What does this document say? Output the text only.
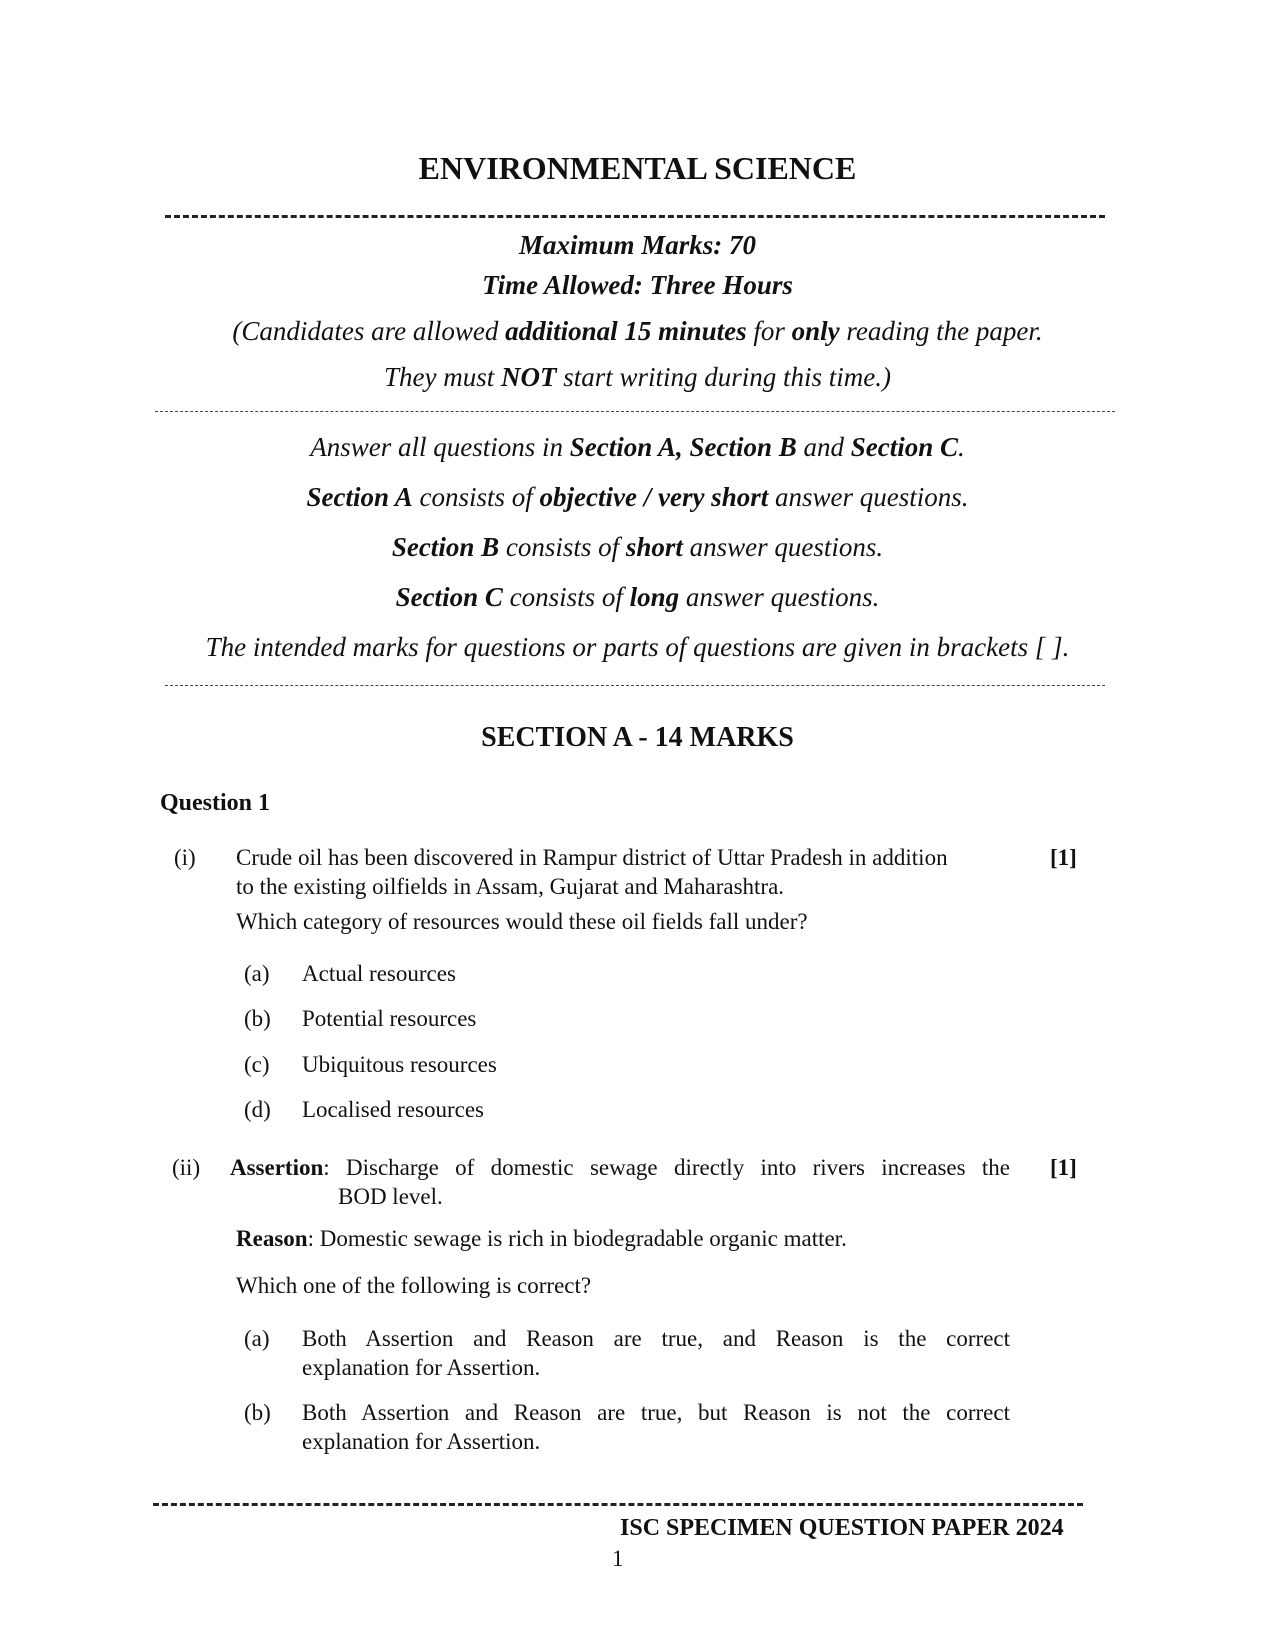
ENVIRONMENTAL SCIENCE
Maximum Marks: 70
Time Allowed: Three Hours
(Candidates are allowed additional 15 minutes for only reading the paper.
They must NOT start writing during this time.)
Answer all questions in Section A, Section B and Section C.
Section A consists of objective / very short answer questions.
Section B consists of short answer questions.
Section C consists of long answer questions.
The intended marks for questions or parts of questions are given in brackets [ ].
SECTION A - 14 MARKS
Question 1
(i) Crude oil has been discovered in Rampur district of Uttar Pradesh in addition	[1]
to the existing oilfields in Assam, Gujarat and Maharashtra.
Which category of resources would these oil fields fall under?
(a) Actual resources
(b) Potential resources
(c) Ubiquitous resources
(d) Localised resources
(ii) Assertion: Discharge of domestic sewage directly into rivers increases the [1]
BOD level.
Reason: Domestic sewage is rich in biodegradable organic matter.
Which one of the following is correct?
(a) Both Assertion and Reason are true, and Reason is the correct
explanation for Assertion.
(b) Both Assertion and Reason are true, but Reason is not the correct
explanation for Assertion.
ISC SPECIMEN QUESTION PAPER 2024
1
